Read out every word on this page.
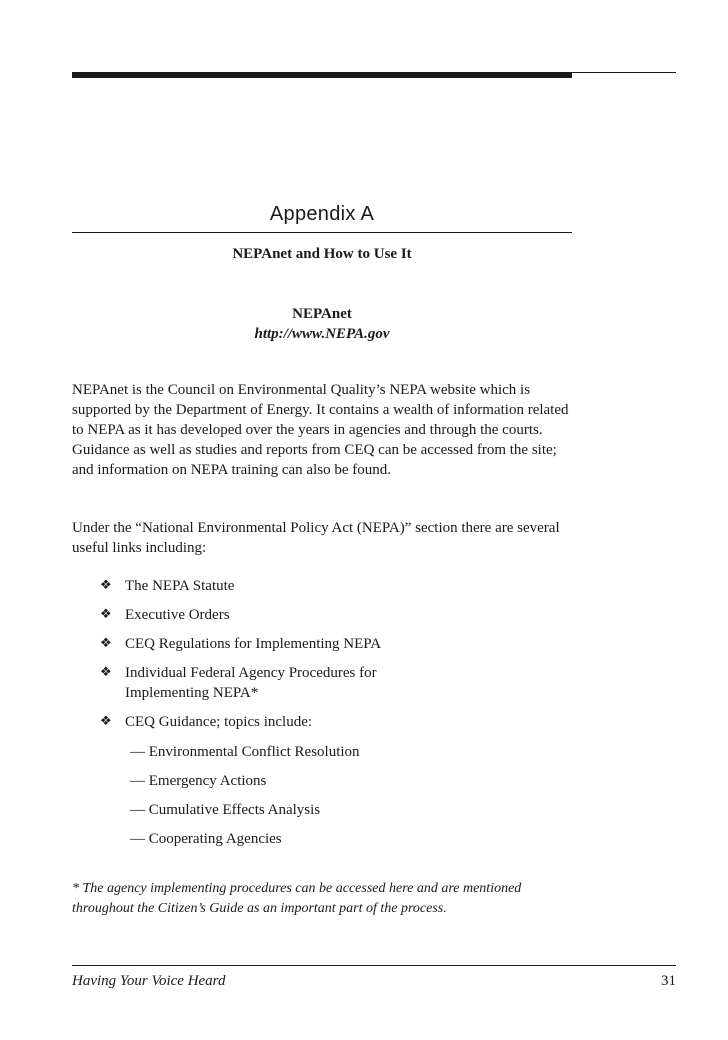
Appendix A
NEPAnet and How to Use It
NEPAnet
http://www.NEPA.gov

NEPAnet is the Council on Environmental Quality’s NEPA website which is supported by the Department of Energy. It contains a wealth of information related to NEPA as it has developed over the years in agencies and through the courts. Guidance as well as studies and reports from CEQ can be accessed from the site; and information on NEPA training can also be found.

Under the “National Environmental Policy Act (NEPA)” section there are several useful links including:

❖ The NEPA Statute
❖ Executive Orders
❖ CEQ Regulations for Implementing NEPA
❖ Individual Federal Agency Procedures for Implementing NEPA*
❖ CEQ Guidance; topics include:
— Environmental Conflict Resolution
— Emergency Actions
— Cumulative Effects Analysis
— Cooperating Agencies

* The agency implementing procedures can be accessed here and are mentioned throughout the Citizen’s Guide as an important part of the process.

Having Your Voice Heard	31
